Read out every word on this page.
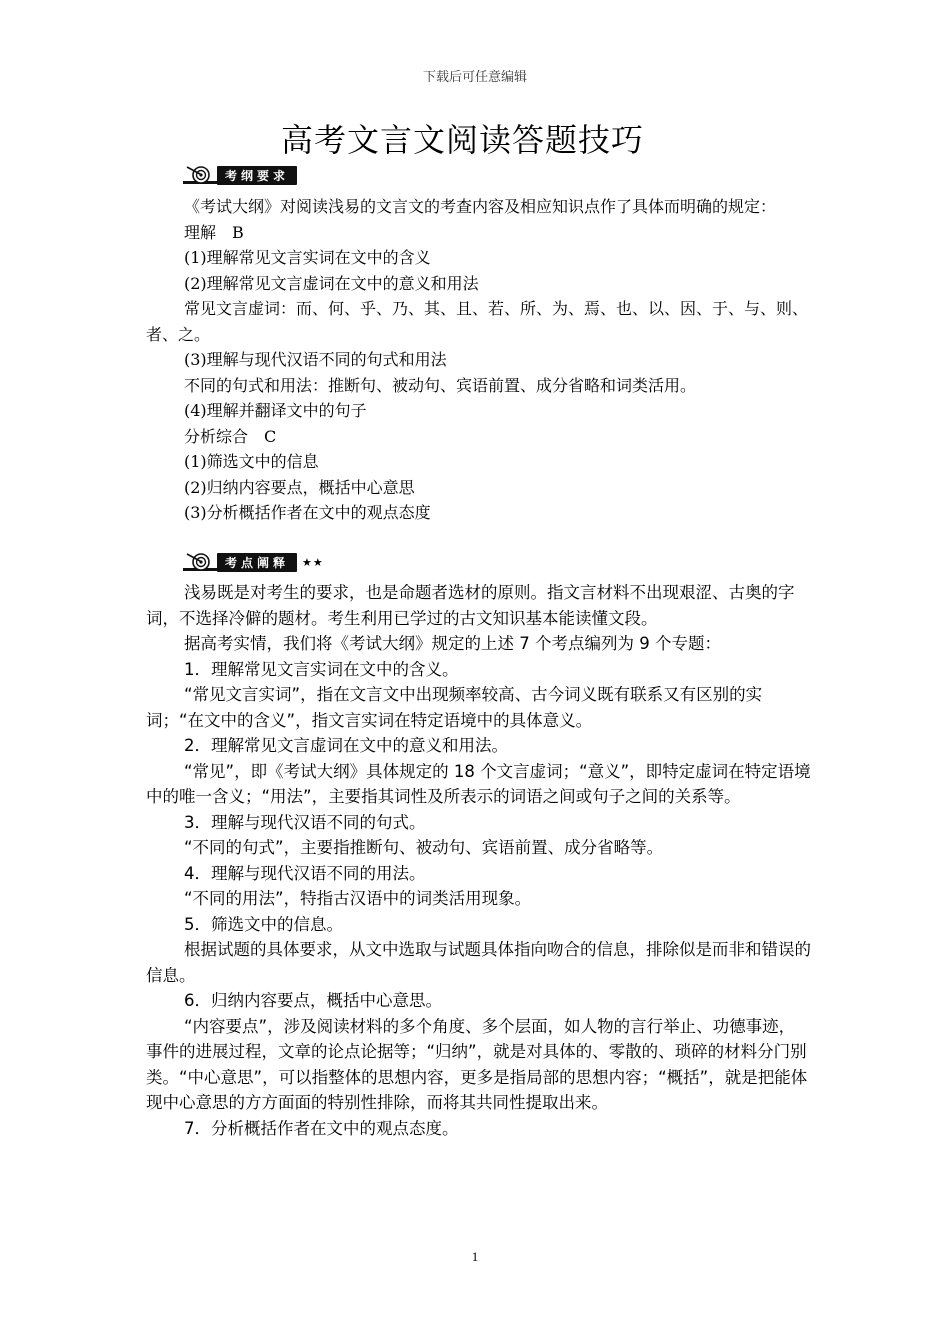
下载后可任意编辑
高考文言文阅读答题技巧
考纲要求

《考试大纲》对阅读浅易的文言文的考查内容及相应知识点作了具体而明确的规定：

理解　B

(1)理解常见文言实词在文中的含义

(2)理解常见文言虚词在文中的意义和用法

常见文言虚词：而、何、乎、乃、其、且、若、所、为、焉、也、以、因、于、与、则、者、之。

(3)理解与现代汉语不同的句式和用法

不同的句式和用法：推断句、被动句、宾语前置、成分省略和词类活用。

(4)理解并翻译文中的句子

分析综合　C

(1)筛选文中的信息

(2)归纳内容要点，概括中心意思

(3)分析概括作者在文中的观点态度

考点阐释	★★

浅易既是对考生的要求，也是命题者选材的原则。指文言材料不出现艰涩、古奥的字词，不选择冷僻的题材。考生利用已学过的古文知识基本能读懂文段。

据高考实情，我们将《考试大纲》规定的上述 7 个考点编列为 9 个专题：

1．理解常见文言实词在文中的含义。

“常见文言实词”，指在文言文中出现频率较高、古今词义既有联系又有区别的实词；“在文中的含义”，指文言实词在特定语境中的具体意义。

2．理解常见文言虚词在文中的意义和用法。

“常见”，即《考试大纲》具体规定的 18 个文言虚词；“意义”，即特定虚词在特定语境中的唯一含义；“用法”，主要指其词性及所表示的词语之间或句子之间的关系等。

3．理解与现代汉语不同的句式。

“不同的句式”，主要指推断句、被动句、宾语前置、成分省略等。

4．理解与现代汉语不同的用法。

“不同的用法”，特指古汉语中的词类活用现象。

5．筛选文中的信息。

根据试题的具体要求，从文中选取与试题具体指向吻合的信息，排除似是而非和错误的信息。

6．归纳内容要点，概括中心意思。

“内容要点”，涉及阅读材料的多个角度、多个层面，如人物的言行举止、功德事迹，事件的进展过程，文章的论点论据等；“归纳”，就是对具体的、零散的、琐碎的材料分门别类。“中心意思”，可以指整体的思想内容，更多是指局部的思想内容；“概括”，就是把能体现中心意思的方方面面的特别性排除，而将其共同性提取出来。

7．分析概括作者在文中的观点态度。

1
